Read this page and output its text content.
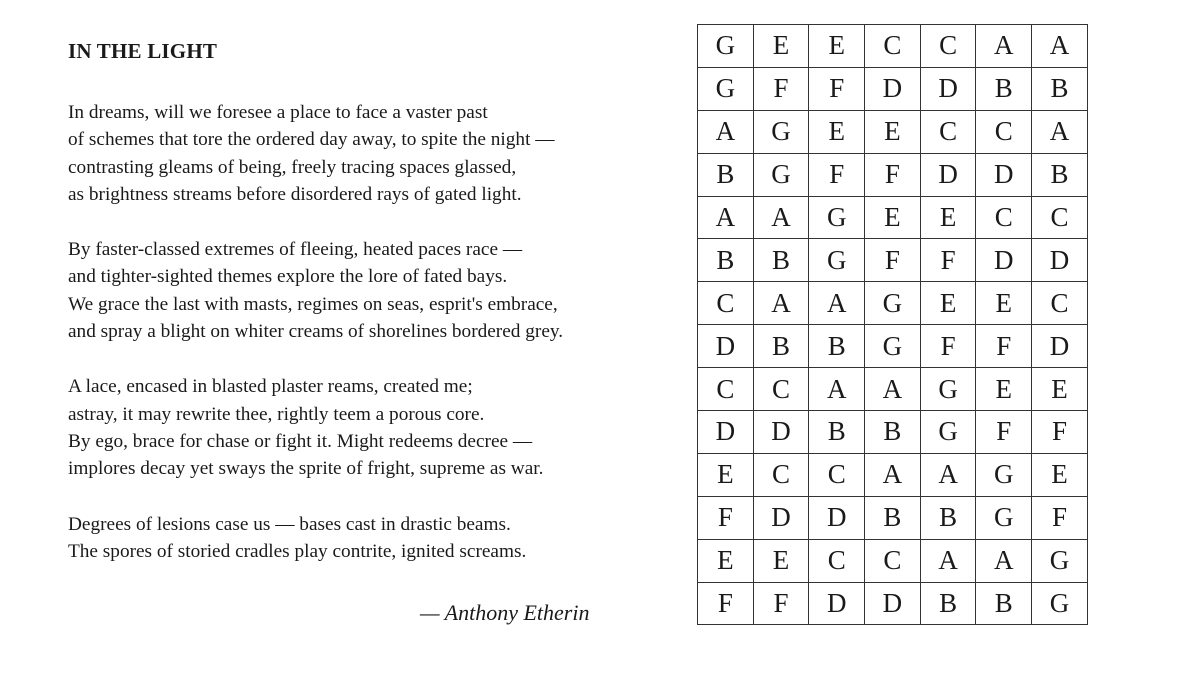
IN THE LIGHT
In dreams, will we foresee a place to face a vaster past
of schemes that tore the ordered day away, to spite the night —
contrasting gleams of being, freely tracing spaces glassed,
as brightness streams before disordered rays of gated light.
By faster-classed extremes of fleeing, heated paces race —
and tighter-sighted themes explore the lore of fated bays.
We grace the last with masts, regimes on seas, esprit's embrace,
and spray a blight on whiter creams of shorelines bordered grey.
A lace, encased in blasted plaster reams, created me;
astray, it may rewrite thee, rightly teem a porous core.
By ego, brace for chase or fight it. Might redeems decree —
implores decay yet sways the sprite of fright, supreme as war.
Degrees of lesions case us — bases cast in drastic beams.
The spores of storied cradles play contrite, ignited screams.
— Anthony Etherin
G	E	E	C	C	A	A
G	F	F	D	D	B	B
A	G	E	E	C	C	A
B	G	F	F	D	D	B
A	A	G	E	E	C	C
B	B	G	F	F	D	D
C	A	A	G	E	E	C
D	B	B	G	F	F	D
C	C	A	A	G	E	E
D	D	B	B	G	F	F
E	C	C	A	A	G	E
F	D	D	B	B	G	F
E	E	C	C	A	A	G
F	F	D	D	B	B	G
